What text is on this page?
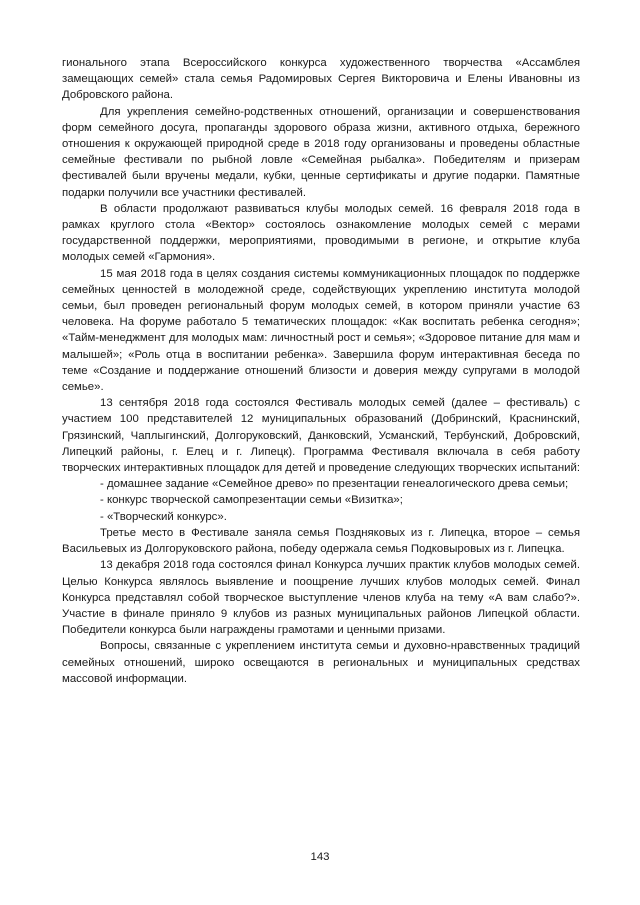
гионального этапа Всероссийского конкурса художественного творчества «Ассамблея замещающих семей» стала семья Радомировых Сергея Викторовича и Елены Ивановны из Добровского района.

Для укрепления семейно-родственных отношений, организации и совершенствования форм семейного досуга, пропаганды здорового образа жизни, активного отдыха, бережного отношения к окружающей природной среде в 2018 году организованы и проведены областные семейные фестивали по рыбной ловле «Семейная рыбалка». Победителям и призерам фестивалей были вручены медали, кубки, ценные сертификаты и другие подарки. Памятные подарки получили все участники фестивалей.

В области продолжают развиваться клубы молодых семей. 16 февраля 2018 года в рамках круглого стола «Вектор» состоялось ознакомление молодых семей с мерами государственной поддержки, мероприятиями, проводимыми в регионе, и открытие клуба молодых семей «Гармония».

15 мая 2018 года в целях создания системы коммуникационных площадок по поддержке семейных ценностей в молодежной среде, содействующих укреплению института молодой семьи, был проведен региональный форум молодых семей, в котором приняли участие 63 человека. На форуме работало 5 тематических площадок: «Как воспитать ребенка сегодня»; «Тайм-менеджмент для молодых мам: личностный рост и семья»; «Здоровое питание для мам и малышей»; «Роль отца в воспитании ребенка». Завершила форум интерактивная беседа по теме «Создание и поддержание отношений близости и доверия между супругами в молодой семье».

13 сентября 2018 года состоялся Фестиваль молодых семей (далее – фестиваль) с участием 100 представителей 12 муниципальных образований (Добринский, Краснинский, Грязинский, Чаплыгинский, Долгоруковский, Данковский, Усманский, Тербунский, Добровский, Липецкий районы, г. Елец и г. Липецк). Программа Фестиваля включала в себя работу творческих интерактивных площадок для детей и проведение следующих творческих испытаний:

- домашнее задание «Семейное древо» по презентации генеалогического древа семьи;

- конкурс творческой самопрезентации семьи «Визитка»;

- «Творческий конкурс».

Третье место в Фестивале заняла семья Поздняковых из г. Липецка, второе – семья Васильевых из Долгоруковского района, победу одержала семья Подковыровых из г. Липецка.

13 декабря 2018 года состоялся финал Конкурса лучших практик клубов молодых семей. Целью Конкурса являлось выявление и поощрение лучших клубов молодых семей. Финал Конкурса представлял собой творческое выступление членов клуба на тему «А вам слабо?». Участие в финале приняло 9 клубов из разных муниципальных районов Липецкой области. Победители конкурса были награждены грамотами и ценными призами.

Вопросы, связанные с укреплением института семьи и духовно-нравственных традиций семейных отношений, широко освещаются в региональных и муниципальных средствах массовой информации.

143
